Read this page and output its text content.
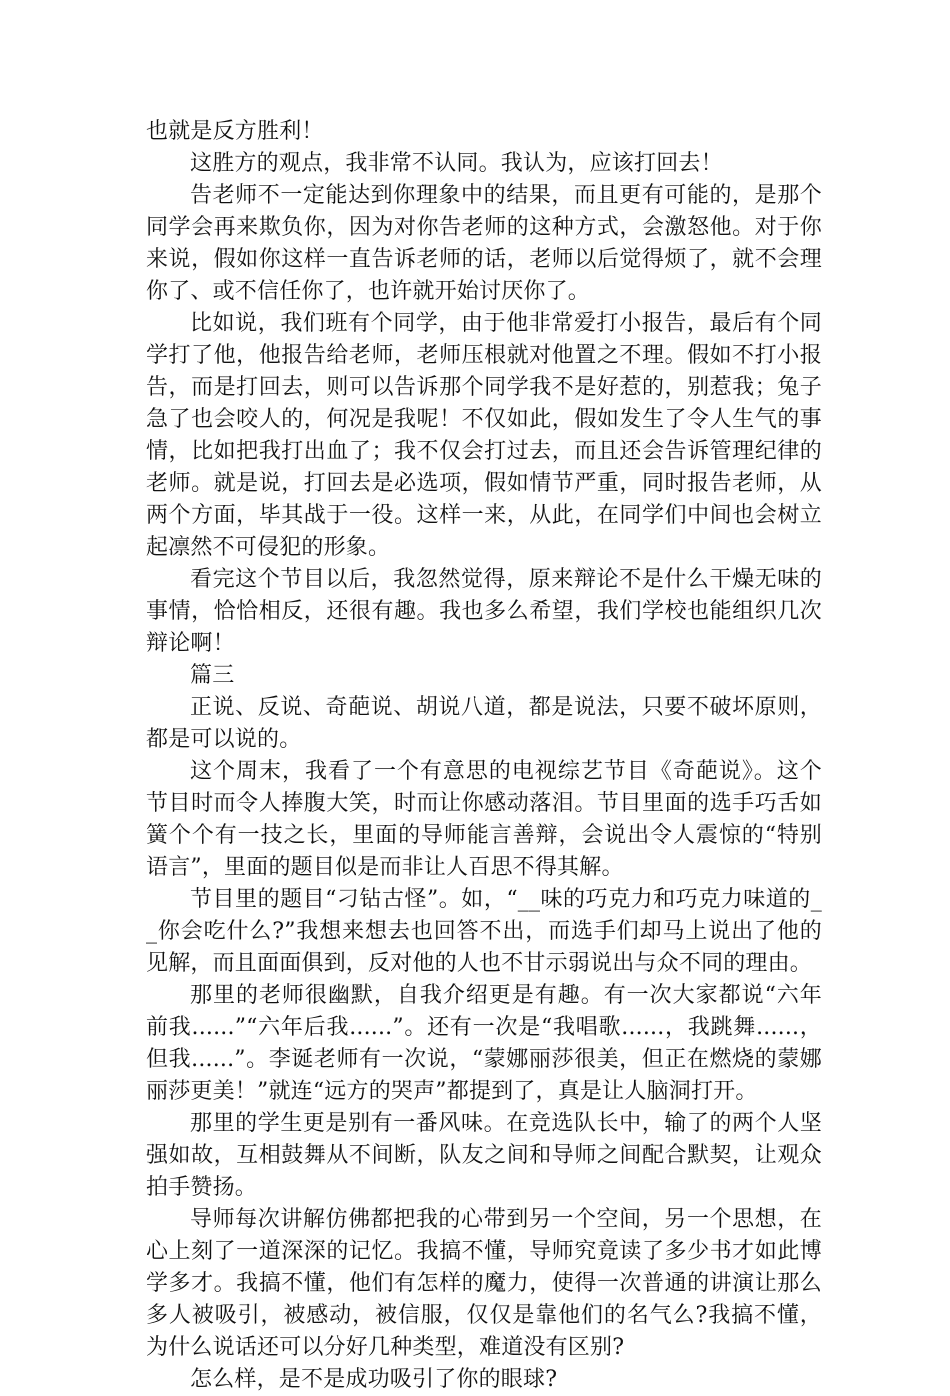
也就是反方胜利！

这胜方的观点，我非常不认同。我认为，应该打回去！

告老师不一定能达到你理象中的结果，而且更有可能的，是那个同学会再来欺负你，因为对你告老师的这种方式，会激怒他。对于你来说，假如你这样一直告诉老师的话，老师以后觉得烦了，就不会理你了、或不信任你了，也许就开始讨厌你了。

比如说，我们班有个同学，由于他非常爱打小报告，最后有个同学打了他，他报告给老师，老师压根就对他置之不理。假如不打小报告，而是打回去，则可以告诉那个同学我不是好惹的，别惹我；兔子急了也会咬人的，何况是我呢！不仅如此，假如发生了令人生气的事情，比如把我打出血了；我不仅会打过去，而且还会告诉管理纪律的老师。就是说，打回去是必选项，假如情节严重，同时报告老师，从两个方面，毕其战于一役。这样一来，从此，在同学们中间也会树立起凛然不可侵犯的形象。

看完这个节目以后，我忽然觉得，原来辩论不是什么干燥无味的事情，恰恰相反，还很有趣。我也多么希望，我们学校也能组织几次辩论啊！

篇三

正说、反说、奇葩说、胡说八道，都是说法，只要不破坏原则，都是可以说的。

这个周末，我看了一个有意思的电视综艺节目《奇葩说》。这个节目时而令人捧腹大笑，时而让你感动落泪。节目里面的选手巧舌如簧个个有一技之长，里面的导师能言善辩，会说出令人震惊的“特别语言”，里面的题目似是而非让人百思不得其解。

节目里的题目“刁钻古怪”。如，“__味的巧克力和巧克力味道的__你会吃什么?”我想来想去也回答不出，而选手们却马上说出了他的见解，而且面面俱到，反对他的人也不甘示弱说出与众不同的理由。

那里的老师很幽默，自我介绍更是有趣。有一次大家都说“六年前我......”“六年后我......”。还有一次是“我唱歌......，我跳舞......，但我......”。李诞老师有一次说，“蒙娜丽莎很美，但正在燃烧的蒙娜丽莎更美！”就连“远方的哭声”都提到了，真是让人脑洞打开。

那里的学生更是别有一番风味。在竞选队长中，输了的两个人坚强如故，互相鼓舞从不间断，队友之间和导师之间配合默契，让观众拍手赞扬。

导师每次讲解仿佛都把我的心带到另一个空间，另一个思想，在心上刻了一道深深的记忆。我搞不懂，导师究竟读了多少书才如此博学多才。我搞不懂，他们有怎样的魔力，使得一次普通的讲演让那么多人被吸引，被感动，被信服，仅仅是靠他们的名气么?我搞不懂，为什么说话还可以分好几种类型，难道没有区别?

怎么样，是不是成功吸引了你的眼球?
